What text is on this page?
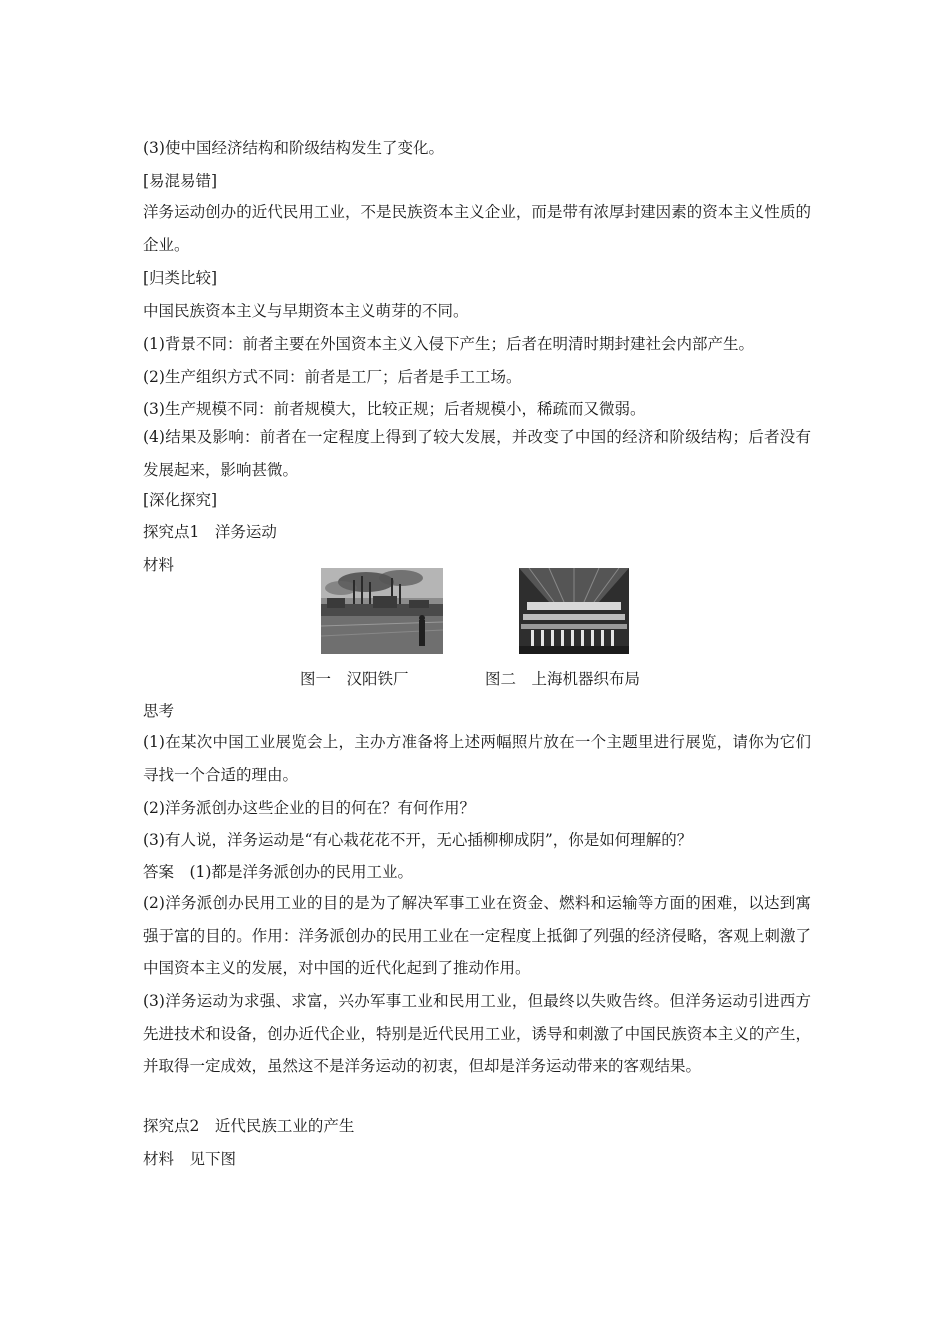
(3)使中国经济结构和阶级结构发生了变化。
[易混易错]
洋务运动创办的近代民用工业，不是民族资本主义企业，而是带有浓厚封建因素的资本主义性质的企业。
[归类比较]
中国民族资本主义与早期资本主义萌芽的不同。
(1)背景不同：前者主要在外国资本主义入侵下产生；后者在明清时期封建社会内部产生。
(2)生产组织方式不同：前者是工厂；后者是手工工场。
(3)生产规模不同：前者规模大，比较正规；后者规模小，稀疏而又微弱。
(4)结果及影响：前者在一定程度上得到了较大发展，并改变了中国的经济和阶级结构；后者没有发展起来，影响甚微。
[深化探究]
探究点1　洋务运动
材料
图一　汉阳铁厂	图二　上海机器织布局
思考
(1)在某次中国工业展览会上，主办方准备将上述两幅照片放在一个主题里进行展览，请你为它们寻找一个合适的理由。
(2)洋务派创办这些企业的目的何在？有何作用？
(3)有人说，洋务运动是“有心栽花花不开，无心插柳柳成阴”，你是如何理解的？
答案　(1)都是洋务派创办的民用工业。
(2)洋务派创办民用工业的目的是为了解决军事工业在资金、燃料和运输等方面的困难，以达到寓强于富的目的。作用：洋务派创办的民用工业在一定程度上抵御了列强的经济侵略，客观上刺激了中国资本主义的发展，对中国的近代化起到了推动作用。
(3)洋务运动为求强、求富，兴办军事工业和民用工业，但最终以失败告终。但洋务运动引进西方先进技术和设备，创办近代企业，特别是近代民用工业，诱导和刺激了中国民族资本主义的产生，并取得一定成效，虽然这不是洋务运动的初衷，但却是洋务运动带来的客观结果。
探究点2　近代民族工业的产生
材料　见下图
